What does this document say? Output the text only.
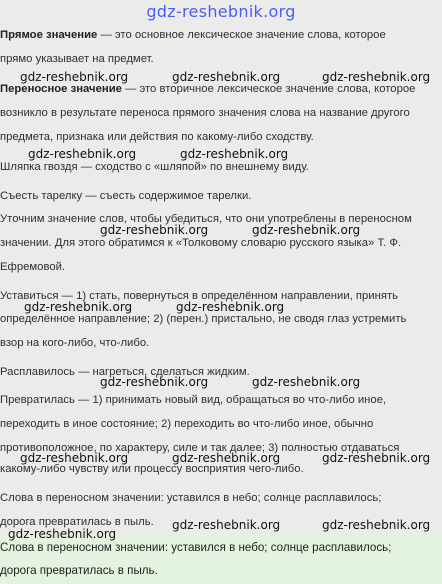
gdz-reshebnik.org
Прямое значение — это основное лексическое значение слова, которое
прямо указывает на предмет.
Переносное значение — это вторичное лексическое значение слова, которое
возникло в результате переноса прямого значения слова на название другого
предмета, признака или действия по какому-либо сходству.
Шляпка гвоздя — сходство с «шляпой» по внешнему виду.
Съесть тарелку — съесть содержимое тарелки.
Уточним значение слов, чтобы убедиться, что они употреблены в переносном
значении. Для этого обратимся к «Толковому словарю русского языка» Т. Ф.
Ефремовой.
Уставиться — 1) стать, повернуться в определённом направлении, принять
определённое направление; 2) (перен.) пристально, не сводя глаз устремить
взор на кого-либо, что-либо.
Расплавилось — нагреться, сделаться жидким.
Превратилась — 1) принимать новый вид, обращаться во что-либо иное,
переходить в иное состояние; 2) переходить во что-либо иное, обычно
противоположное, по характеру, силе и так далее; 3) полностью отдаваться
какому-либо чувству или процессу восприятия чего-либо.
Слова в переносном значении: уставился в небо; солнце расплавилось;
дорога превратилась в пыль.
Слова в переносном значении: уставился в небо; солнце расплавилось;
дорога превратилась в пыль.
gdz-reshebnik.org	gdz-reshebnik.org	gdz-reshebnik.org
gdz-reshebnik.org	gdz-reshebnik.org
gdz-reshebnik.org	gdz-reshebnik.org
gdz-reshebnik.org	gdz-reshebnik.org
gdz-reshebnik.org	gdz-reshebnik.org
gdz-reshebnik.org	gdz-reshebnik.org	gdz-reshebnik.org
gdz-reshebnik.org	gdz-reshebnik.org
gdz-reshebnik.org
